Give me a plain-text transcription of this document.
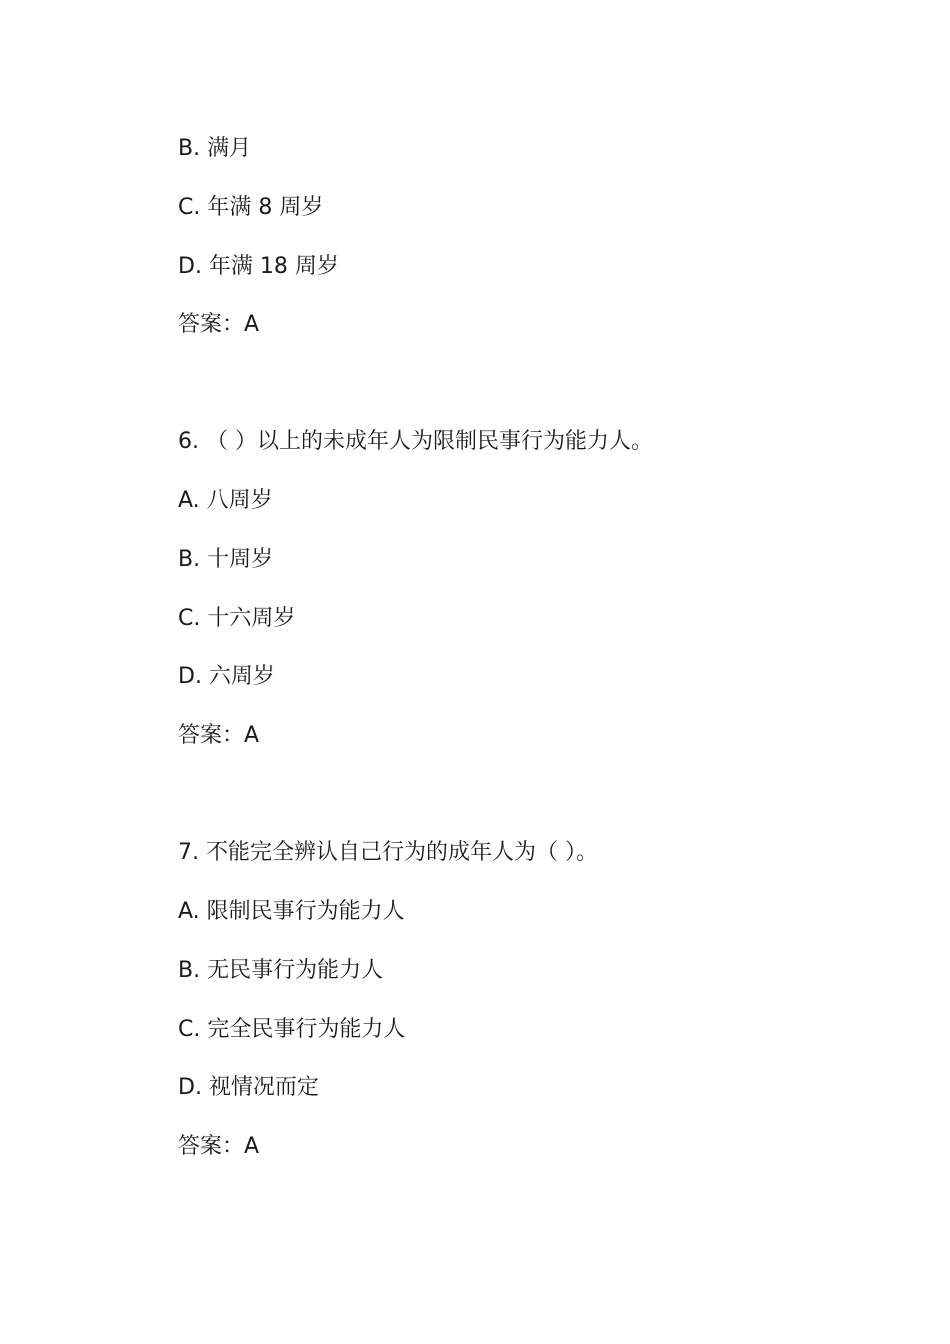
B. 满月
C. 年满 8 周岁
D. 年满 18 周岁
答案：A
6. （ ）以上的未成年人为限制民事行为能力人。
A. 八周岁
B. 十周岁
C. 十六周岁
D. 六周岁
答案：A
7. 不能完全辨认自己行为的成年人为（ ）。
A. 限制民事行为能力人
B. 无民事行为能力人
C. 完全民事行为能力人
D. 视情况而定
答案：A
